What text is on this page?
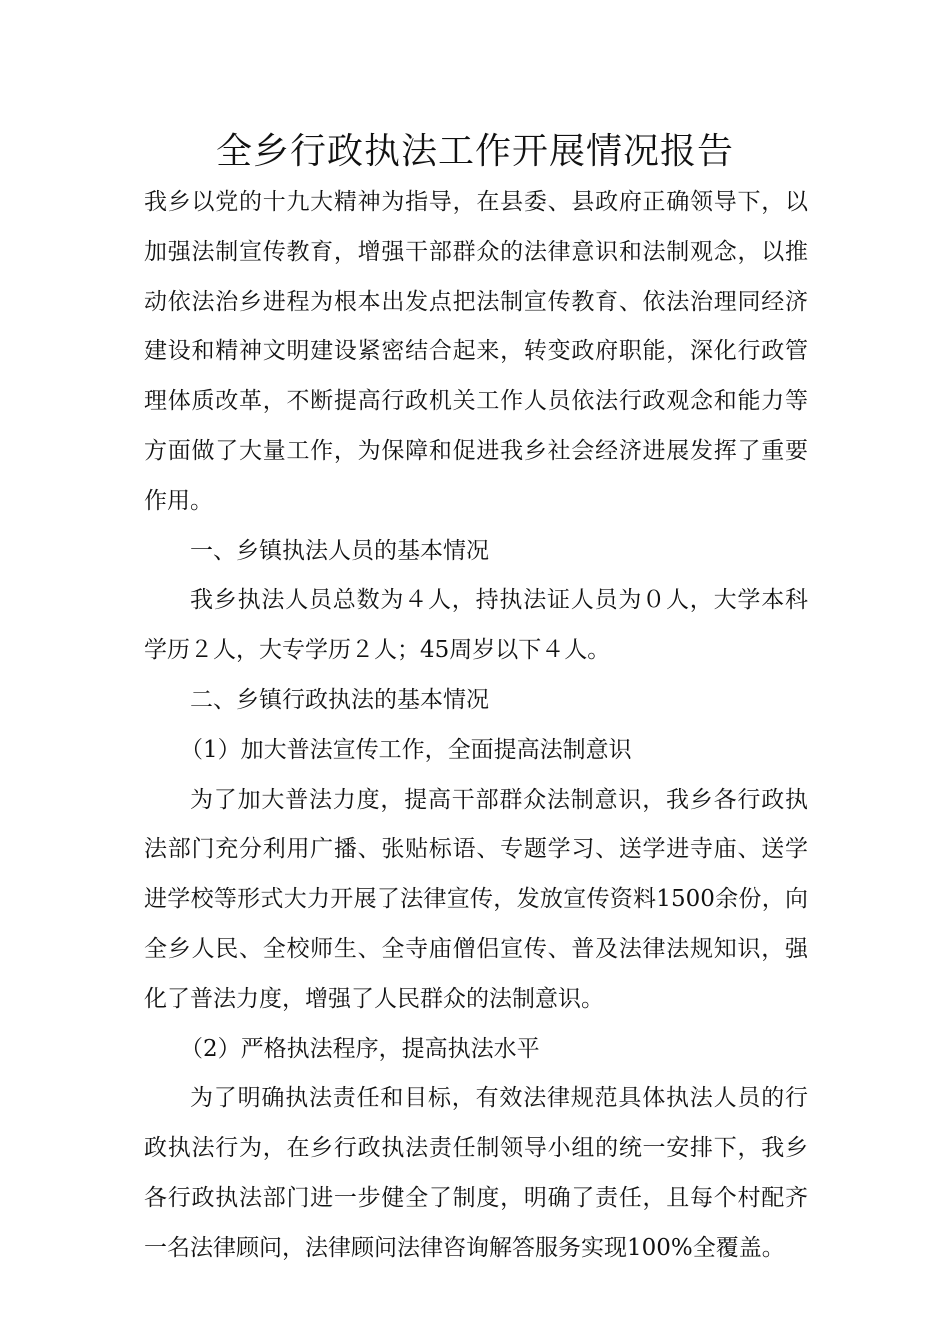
全乡行政执法工作开展情况报告

我乡以党的十九大精神为指导，在县委、县政府正确领导下，以加强法制宣传教育，增强干部群众的法律意识和法制观念，以推动依法治乡进程为根本出发点把法制宣传教育、依法治理同经济建设和精神文明建设紧密结合起来，转变政府职能，深化行政管理体质改革，不断提高行政机关工作人员依法行政观念和能力等方面做了大量工作，为保障和促进我乡社会经济进展发挥了重要作用。

一、乡镇执法人员的基本情况

我乡执法人员总数为４人，持执法证人员为０人，大学本科学历２人，大专学历２人；45周岁以下４人。

二、乡镇行政执法的基本情况

（1）加大普法宣传工作，全面提高法制意识

为了加大普法力度，提高干部群众法制意识，我乡各行政执法部门充分利用广播、张贴标语、专题学习、送学进寺庙、送学进学校等形式大力开展了法律宣传，发放宣传资料1500余份，向全乡人民、全校师生、全寺庙僧侣宣传、普及法律法规知识，强化了普法力度，增强了人民群众的法制意识。

（2）严格执法程序，提高执法水平

为了明确执法责任和目标，有效法律规范具体执法人员的行政执法行为，在乡行政执法责任制领导小组的统一安排下，我乡各行政执法部门进一步健全了制度，明确了责任，且每个村配齐一名法律顾问，法律顾问法律咨询解答服务实现100%全覆盖。
